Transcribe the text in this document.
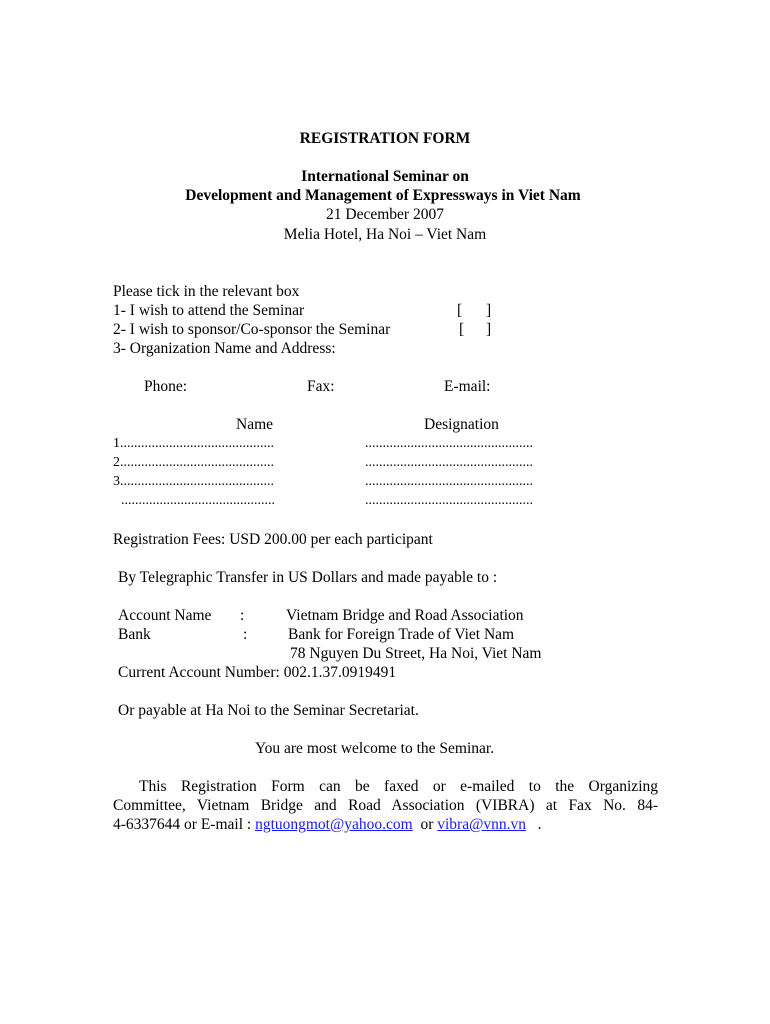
REGISTRATION FORM
International Seminar on
Development and Management of Expressways in Viet Nam
21 December 2007
Melia Hotel, Ha Noi – Viet Nam
Please tick in the relevant box
1- I wish to attend the Seminar	[ ]
2- I wish to sponsor/Co-sponsor the Seminar	[ ]
3- Organization Name and Address:
Phone:	Fax:	E-mail:
Name	Designation
1............................................	................................................
2............................................	................................................
3............................................	................................................
............................................	................................................
Registration Fees: USD 200.00 per each participant
By Telegraphic Transfer in US Dollars and made payable to :
Account Name :	Vietnam Bridge and Road Association
Bank	:	Bank for Foreign Trade of Viet Nam
78 Nguyen Du Street, Ha Noi, Viet Nam
Current Account Number: 002.1.37.0919491
Or payable at Ha Noi to the Seminar Secretariat.
You are most welcome to the Seminar.
This Registration Form can be faxed or e-mailed to the Organizing
Committee, Vietnam Bridge and Road Association (VIBRA) at Fax No. 84-
4-6337644 or E-mail : ngtuongmot@yahoo.com or vibra@vnn.vn .
